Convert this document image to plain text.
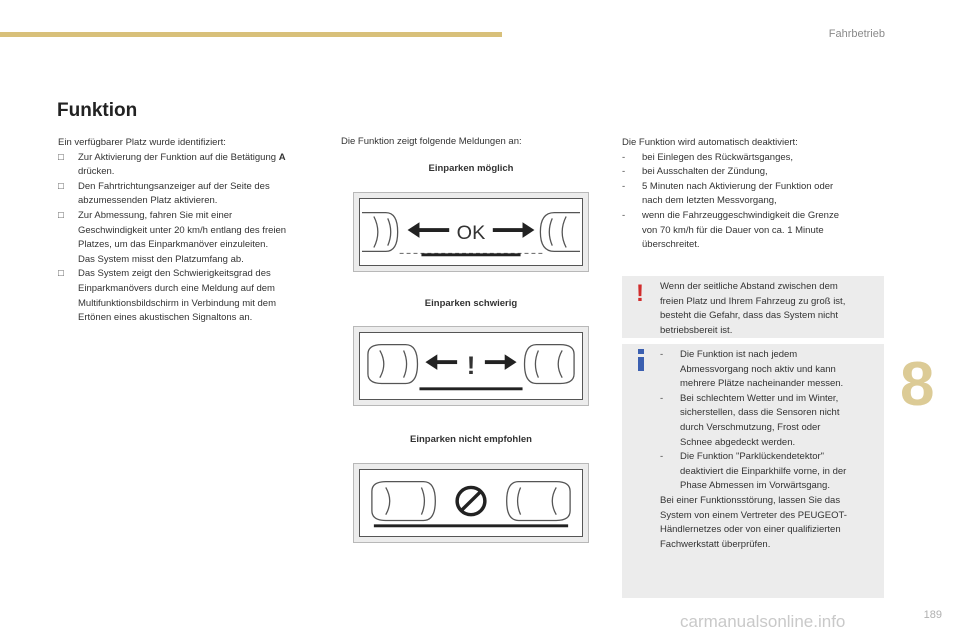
Fahrbetrieb
Funktion

Ein verfügbarer Platz wurde identifiziert:

□	Zur Aktivierung der Funktion auf die Betätigung A
drücken.
□	Den Fahrtrichtungsanzeiger auf der Seite des
abzumessenden Platz aktivieren.
□	Zur Abmessung, fahren Sie mit einer
Geschwindigkeit unter 20 km/h entlang des freien
Platzes, um das Einparkmanöver einzuleiten.
Das System misst den Platzumfang ab.
□	Das System zeigt den Schwierigkeitsgrad des
Einparkmanövers durch eine Meldung auf dem
Multifunktionsbildschirm in Verbindung mit dem
Ertönen eines akustischen Signaltons an.
Die Funktion zeigt folgende Meldungen an:
Einparken möglich
OK
Einparken schwierig
!
Einparken nicht empfohlen

Die Funktion wird automatisch deaktiviert:

-	bei Einlegen des Rückwärtsganges,
-	bei Ausschalten der Zündung,
-	5 Minuten nach Aktivierung der Funktion oder
nach dem letzten Messvorgang,
-	wenn die Fahrzeuggeschwindigkeit die Grenze
von 70 km/h für die Dauer von ca. 1 Minute
überschreitet.
! Wenn der seitliche Abstand zwischen dem
freien Platz und Ihrem Fahrzeug zu groß ist,
besteht die Gefahr, dass das System nicht
betriebsbereit ist.
-	Die Funktion ist nach jedem
Abmessvorgang noch aktiv und kann
mehrere Plätze nacheinander messen.
-	Bei schlechtem Wetter und im Winter,
sicherstellen, dass die Sensoren nicht
durch Verschmutzung, Frost oder
Schnee abgedeckt werden.
-	Die Funktion "Parklückendetektor"
deaktiviert die Einparkhilfe vorne, in der
Phase Abmessen im Vorwärtsgang.

Bei einer Funktionsstörung, lassen Sie das
System von einem Vertreter des PEUGEOT-
Händlernetzes oder von einer qualifizierten
Fachwerkstatt überprüfen.

8
carmanualsonline.info	189
